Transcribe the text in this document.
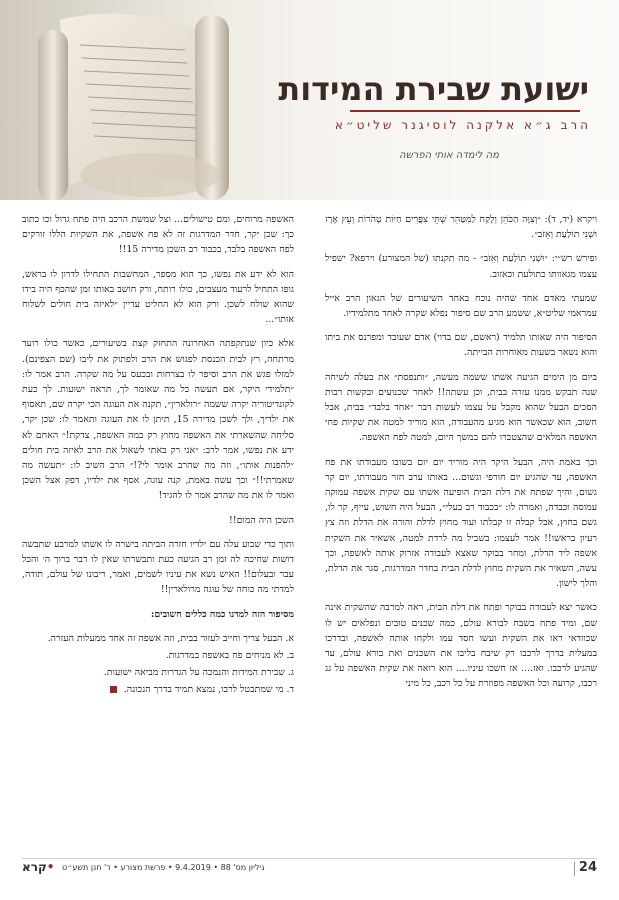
ישועת שבירת המידות
הרב ג״א אלקנה לוסיגנר שליט״א
מה לימדה אותי הפרשה

ויקרא (יד, ד): ״וְצִוָּה הַכֹּהֵן וְלָקַח לַמִּטַּהֵר שְׁתֵּי צִפֳּרִים חַיּוֹת טְהֹרוֹת וְעֵץ אֶרֶז וּשְׁנִי תוֹלַעַת וְאֵזֹב״.

ופירש רש״י: ״וּשְׁנִי תוֹלַעַת וְאֵזֹב״ - מה תקנתו (של המצורע) וירפא? ישפיל עצמו מגאוותו כתולעת וכאזוב.

שמעתי מאדם אחד שהיה נוכח באחד השיעורים של הגאון הרב אייל עמראמי שליט״א, ששמע הרב שם סיפור נפלא שקרה לאחד מתלמידיו.

הסיפור היה שאותו תלמיד (ראשם, שם בדוי) אדם שעובד ומפרנס את ביתו והוא נשאר בשעות מאוחרות הבייתה.

ביום מן הימים הגיעה אשתו ששמה מעשה, ״ותנפסת״ את בעלה לשיחה שנה תבקש ממנו עזרה בבית, וכן עשתה!! לאחר שכנועים ובקשות רבות הסכים הבעל שהוא מקבל על עצמו לעשות דבר ״אחד בלבד״ בבית, אבל חשוב, הוא שכאשר הוא מגיע מהעבודה, הוא מוריד למטה את שקיות פחי האשפה המלאים שהצטברו להם במשך היום, למטה לפח האשפה.

וכך באמת היה, הבעל היקר היה מוריד יום יום בשובו מעבודתו את פח האשפה, עד שהגיע יום חורפי וגשום... באותו ערב חזר מעבודתו, יום קר גשום, והיך שפתח את דלת הבית הופיעה אשתו עם שקית אשפה עמוקה עמוסה וכבדה, ואמרה לו: ״בכבוד רב בעלי״, הבעל היה חשוש, עייף, קר לו, גשם בחוץ, אבל קבלה זו קבלתו ועוד מחוץ לדלת והורה את הדלת וזה צץ רעיון בראשו!! אמר לעצמו: בשביל מה לרדת למטה, אשאיר את השקית אשפה ליד הדלת, ומחר בבוקר שאצא לעבודה אזרוק אותה לאשפה, וכך עשה, השאיר את השקית מחוץ לדלת הבית בחדר המדרגות, סגר את הדלת, והלך לישון.

כאשר יצא לעבודה בבוקר ופתח את דלת הבית, ראה למרבה שהשקית אינה שם, ומיד פתח בשבח לבורא עולם, כמה שכנים טובים ונפלאים יש לו שכוודאי ראו את השקית ועשו חסד עמו ולקחו אותה לאשפה, ובדרכו במעלית בדרך לרכבו רק שיבח בליבו את השכנים ואת בורא עולם, עד שהגיע לרכבו. ואז.... אז חשכו עיניו.... הוא רואה את שקית האשפה על גג רכבו, קרועה וכל האשפה מפוזרת על כל רכב, כל מיני

האשפה מרוחים, ומם טישולים... וצל שמשת הרכב היה פתח גדול וכו כתוב כך: שכן יקר, חדר המדרגות זה לא פח אשפה, את השקיות הללו זורקים לפח האשפה בלבד, בכבוד רב השכן מדירה 15!!

הוא לא ידע את נפשו, כך הוא מספר, המחשבות התחילו לדרון לו בראש, גופו התחיל לרעוד מעצבים, כולו רותח, ורק חושב באותו זמן שהכף היה בידו שהוא שולח לשכן. ורק הוא לא החליט עדיין ״לאיזה בית חולים לשלוח אותו״...

אלא כיון שנתקפתה האחרונה התחזק קצת בשיעורים, כאשר כולו רועד מרתחה, רץ לבית הכנסת לפגוש את הרב ולפתוק את ליבו (שם הצפינם). למזלו פגש את הרב וסיפר לו בצרחות ובכעס על מה שקרה. הרב אמר לו: ״תלמידי היקר, אם תעשה כל מה שאומר לך, תראה ישועות. לך כעת לקונדיטוריה יקרה ששמה ״רולארין״, תקנה את העוגה הכי יקרה שם, תאסוף את ילדיך, ולך לשכן מדירה 15, תיתן לו את העוגה ותאמר לו: שכן יקר, סליחה שהשארתי את האשפה מחוץ רק כמה האשפה, צדקת!״ האחם לא ידע את נפשו, אמר לרב: ״אני רק באתי לשאול את הרב לאיזה בית חולים ״להפנות אותו״, וזה מה שהרב אומר לי?!״ הרב השיב לו: ״תעשה מה שאמרתי!!״ וכך עשה באמת, קנה עוגה, אסף את ילדיו, דפק אצל השכן ואמר לו את מה שהרב אמר לו להגיד!

השכן היה המום!!

ותוך כדי שבוע עלה עם ילדיו חזרה הביתה בישרה לו אשתו למרבע שתבשה דושות שחיכה לה זמן רב הגיעה כעת ותבשרתו שאין לו דבר ברוך ה׳ והכל עבר ובעלום!! האיש נשא את עיניו לשמים, ואמר, ריבונו של עולם, תודה, למדתי מה כוחה של עוגה מרולארין!!

מסיפור הזה למדנו כמה כללים חשובים:

א. הבעל צריך וחייב לעזור בבית, וזה אשפה זה אחד ממעלות העזרה.

ב. לא מניחים פח באשפה במדרגות.

ג. שבירת המידות והנמכה על הגדרות מביאה ישועות.

ד. מי שמתבטל לרבו, נמצא תמיד בדרך הנכונה.
קרא• גיליון מס' 88 • 9.4.2019 • פרשת מצורע • ר' חנן תשע״ט	24
